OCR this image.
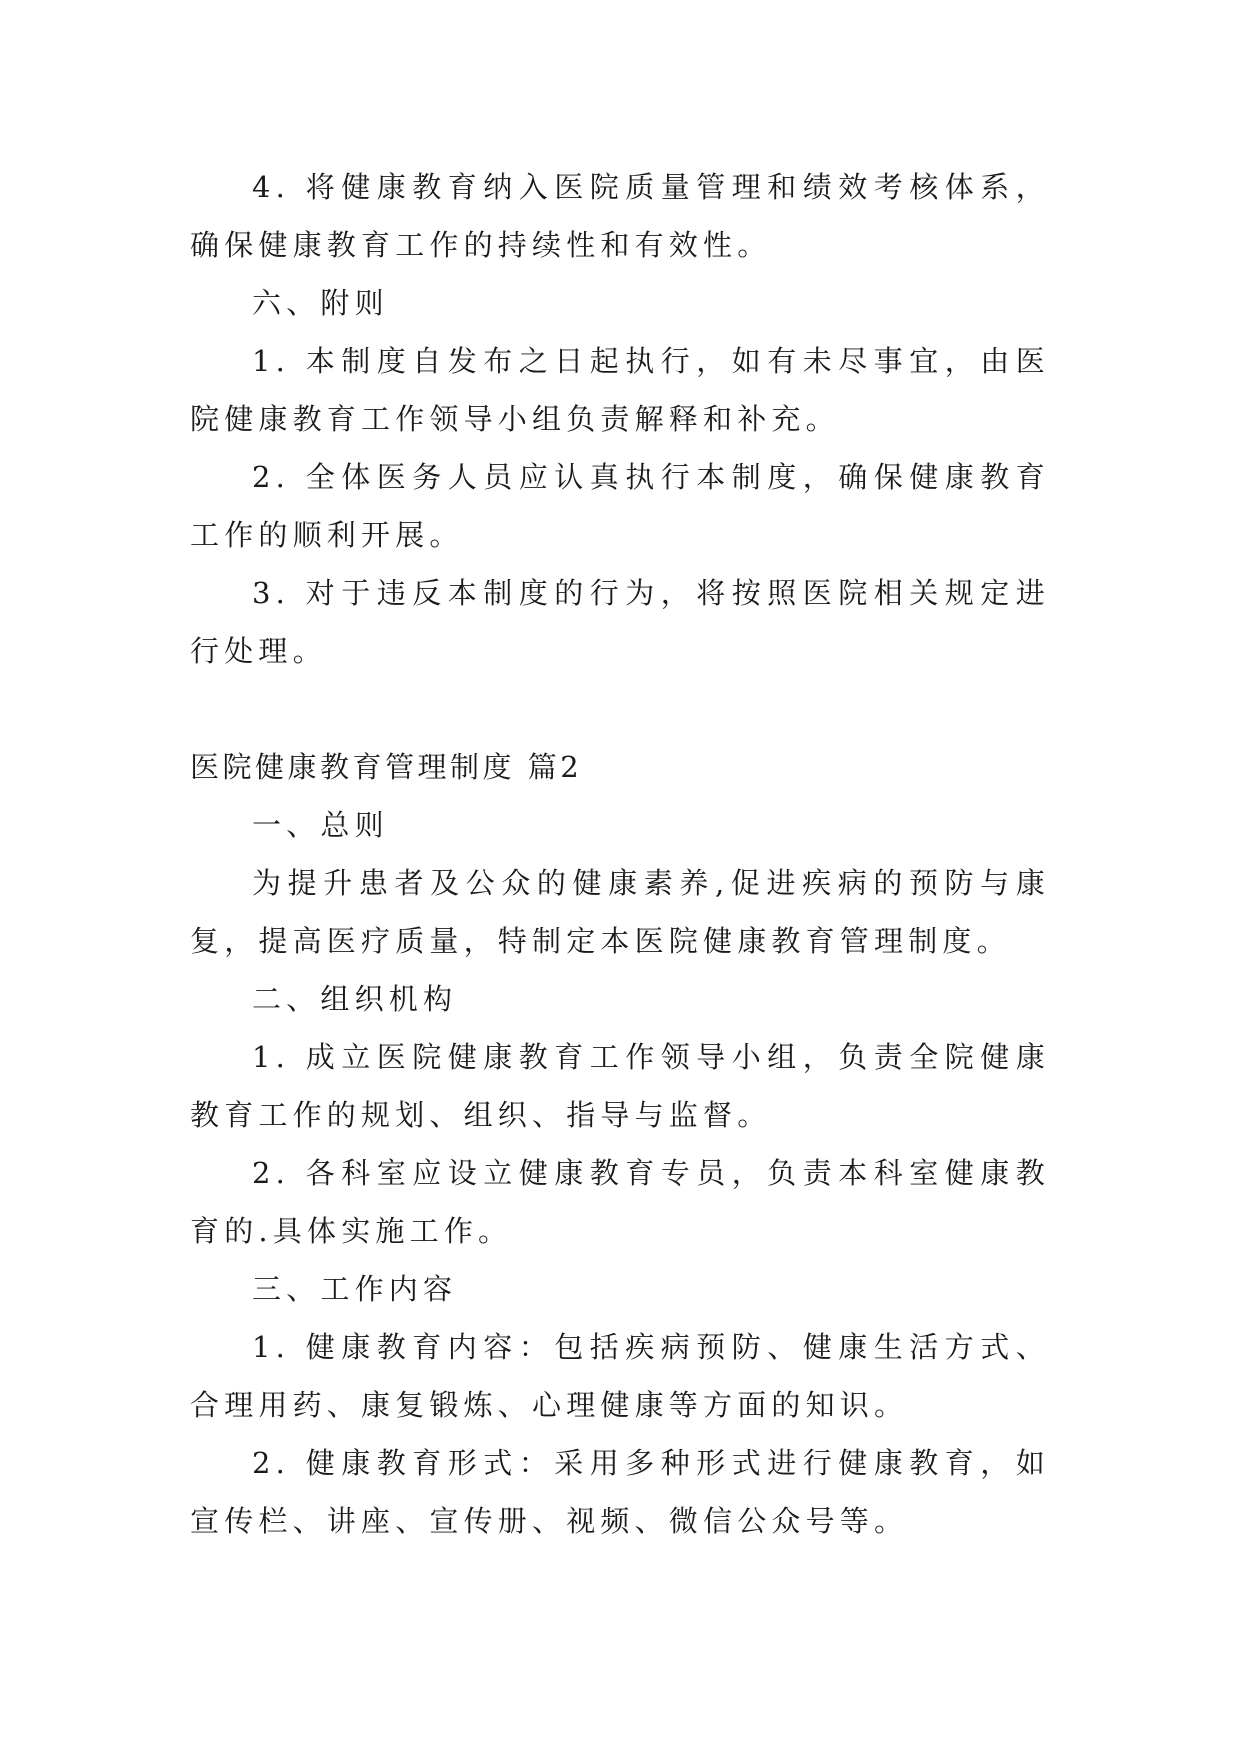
4. 将健康教育纳入医院质量管理和绩效考核体系，确保健康教育工作的持续性和有效性。

六、附则

1. 本制度自发布之日起执行，如有未尽事宜，由医院健康教育工作领导小组负责解释和补充。

2. 全体医务人员应认真执行本制度，确保健康教育工作的顺利开展。

3. 对于违反本制度的行为，将按照医院相关规定进行处理。

医院健康教育管理制度 篇2

一、总则

为提升患者及公众的健康素养,促进疾病的预防与康复，提高医疗质量，特制定本医院健康教育管理制度。

二、组织机构

1. 成立医院健康教育工作领导小组，负责全院健康教育工作的规划、组织、指导与监督。

2. 各科室应设立健康教育专员，负责本科室健康教育的.具体实施工作。

三、工作内容

1. 健康教育内容：包括疾病预防、健康生活方式、合理用药、康复锻炼、心理健康等方面的知识。

2. 健康教育形式：采用多种形式进行健康教育，如宣传栏、讲座、宣传册、视频、微信公众号等。
